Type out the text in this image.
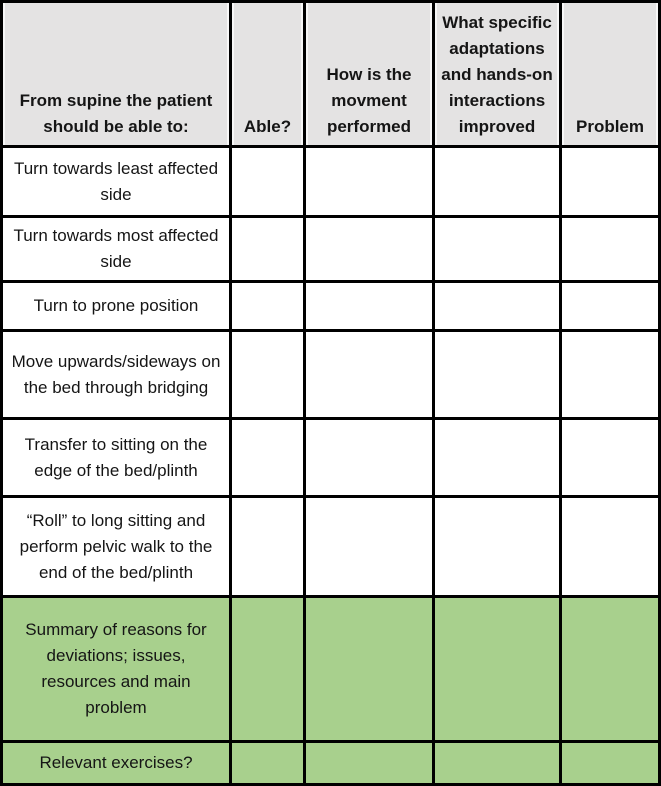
From supine the patient should be able to:	Able?
How is the movment performed
What specific adaptations and hands-on interactions improved	Problem
Turn towards least affected side
Turn towards most affected side
Turn to prone position
Move upwards/sideways on the bed through bridging
Transfer to sitting on the edge of the bed/plinth
“Roll” to long sitting and perform pelvic walk to the end of the bed/plinth
Summary of reasons for deviations; issues, resources and main problem
Relevant exercises?
